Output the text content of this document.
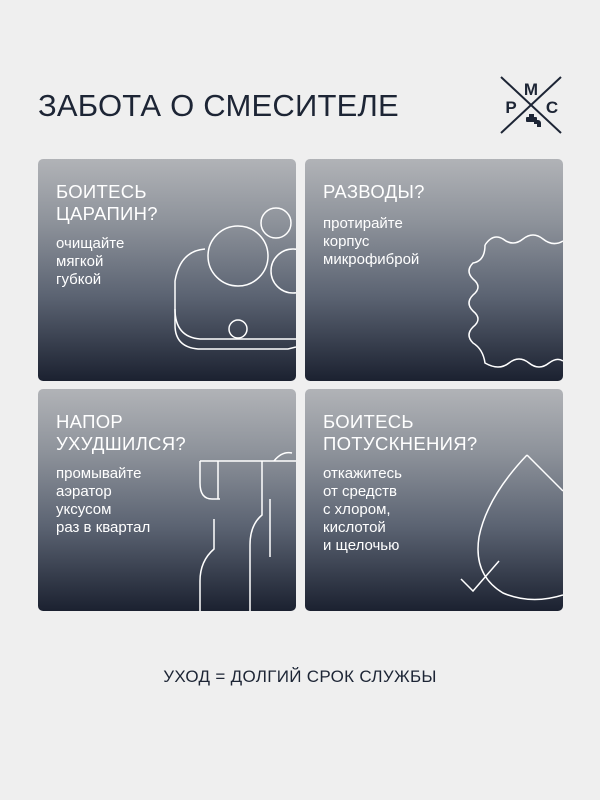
ЗАБОТА О СМЕСИТЕЛЕ	М
Р С
БОИТЕСЬ
ЦАРАПИН?

очищайте
мягкой
губкой

РАЗВОДЫ?

протирайте
корпус
микрофиброй

НАПОР
УХУДШИЛСЯ?

промывайте
аэратор
уксусом
раз в квартал

БОИТЕСЬ
ПОТУСКНЕНИЯ?

откажитесь
от средств
с хлором,
кислотой
и щелочью

УХОД = ДОЛГИЙ СРОК СЛУЖБЫ
